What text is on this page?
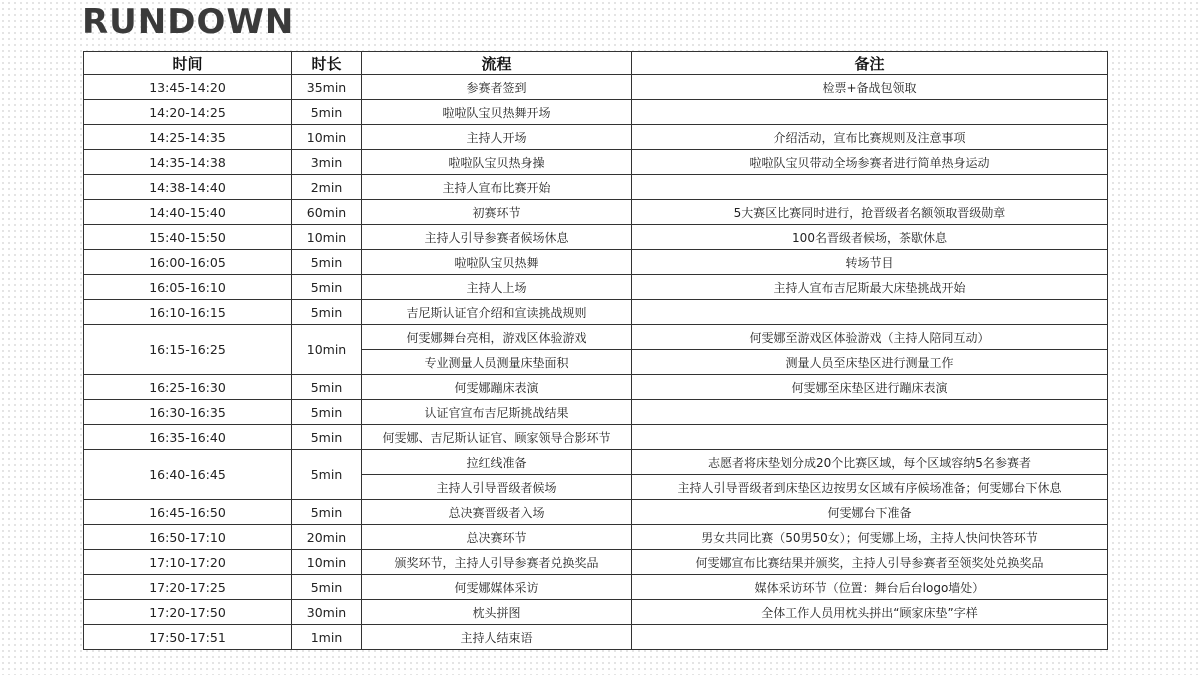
RUNDOWN
时间	时长	流程	备注
13:45-14:20	35min	参赛者签到	检票+备战包领取
14:20-14:25	5min	啦啦队宝贝热舞开场	
14:25-14:35	10min	主持人开场	介绍活动，宣布比赛规则及注意事项
14:35-14:38	3min	啦啦队宝贝热身操	啦啦队宝贝带动全场参赛者进行简单热身运动
14:38-14:40	2min	主持人宣布比赛开始	
14:40-15:40	60min	初赛环节	5大赛区比赛同时进行，抢晋级者名额领取晋级勋章
15:40-15:50	10min	主持人引导参赛者候场休息	100名晋级者候场，茶歇休息
16:00-16:05	5min	啦啦队宝贝热舞	转场节目
16:05-16:10	5min	主持人上场	主持人宣布吉尼斯最大床垫挑战开始
16:10-16:15	5min	吉尼斯认证官介绍和宣读挑战规则	
16:15-16:25	10min	何雯娜舞台亮相，游戏区体验游戏	何雯娜至游戏区体验游戏（主持人陪同互动）
		专业测量人员测量床垫面积	测量人员至床垫区进行测量工作
16:25-16:30	5min	何雯娜蹦床表演	何雯娜至床垫区进行蹦床表演
16:30-16:35	5min	认证官宣布吉尼斯挑战结果	
16:35-16:40	5min	何雯娜、吉尼斯认证官、顾家领导合影环节	
16:40-16:45	5min	拉红线准备	志愿者将床垫划分成20个比赛区域，每个区域容纳5名参赛者
		主持人引导晋级者候场	主持人引导晋级者到床垫区边按男女区域有序候场准备；何雯娜台下休息
16:45-16:50	5min	总决赛晋级者入场	何雯娜台下准备
16:50-17:10	20min	总决赛环节	男女共同比赛（50男50女）；何雯娜上场，主持人快问快答环节
17:10-17:20	10min	颁奖环节，主持人引导参赛者兑换奖品	何雯娜宣布比赛结果并颁奖，主持人引导参赛者至领奖处兑换奖品
17:20-17:25	5min	何雯娜媒体采访	媒体采访环节（位置：舞台后台logo墙处）
17:20-17:50	30min	枕头拼图	全体工作人员用枕头拼出“顾家床垫”字样
17:50-17:51	1min	主持人结束语	
